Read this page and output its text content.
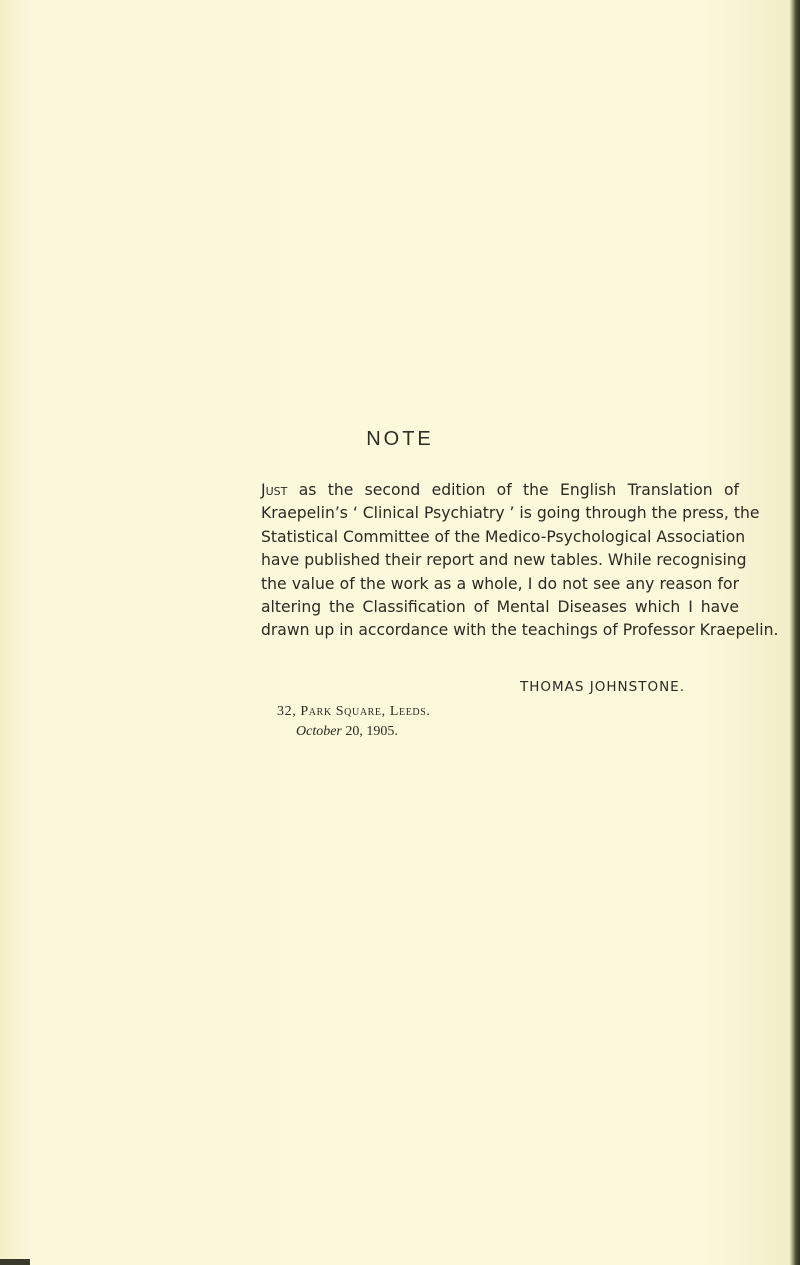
NOTE
Just as the second edition of the English Translation of
Kraepelin’s ‘ Clinical Psychiatry ’ is going through the press, the
Statistical Committee of the Medico-Psychological Association
have published their report and new tables. While recognising
the value of the work as a whole, I do not see any reason for
altering the Classification of Mental Diseases which I have
drawn up in accordance with the teachings of Professor Kraepelin.
THOMAS JOHNSTONE.
32, Park Square, Leeds.
October 20, 1905.
